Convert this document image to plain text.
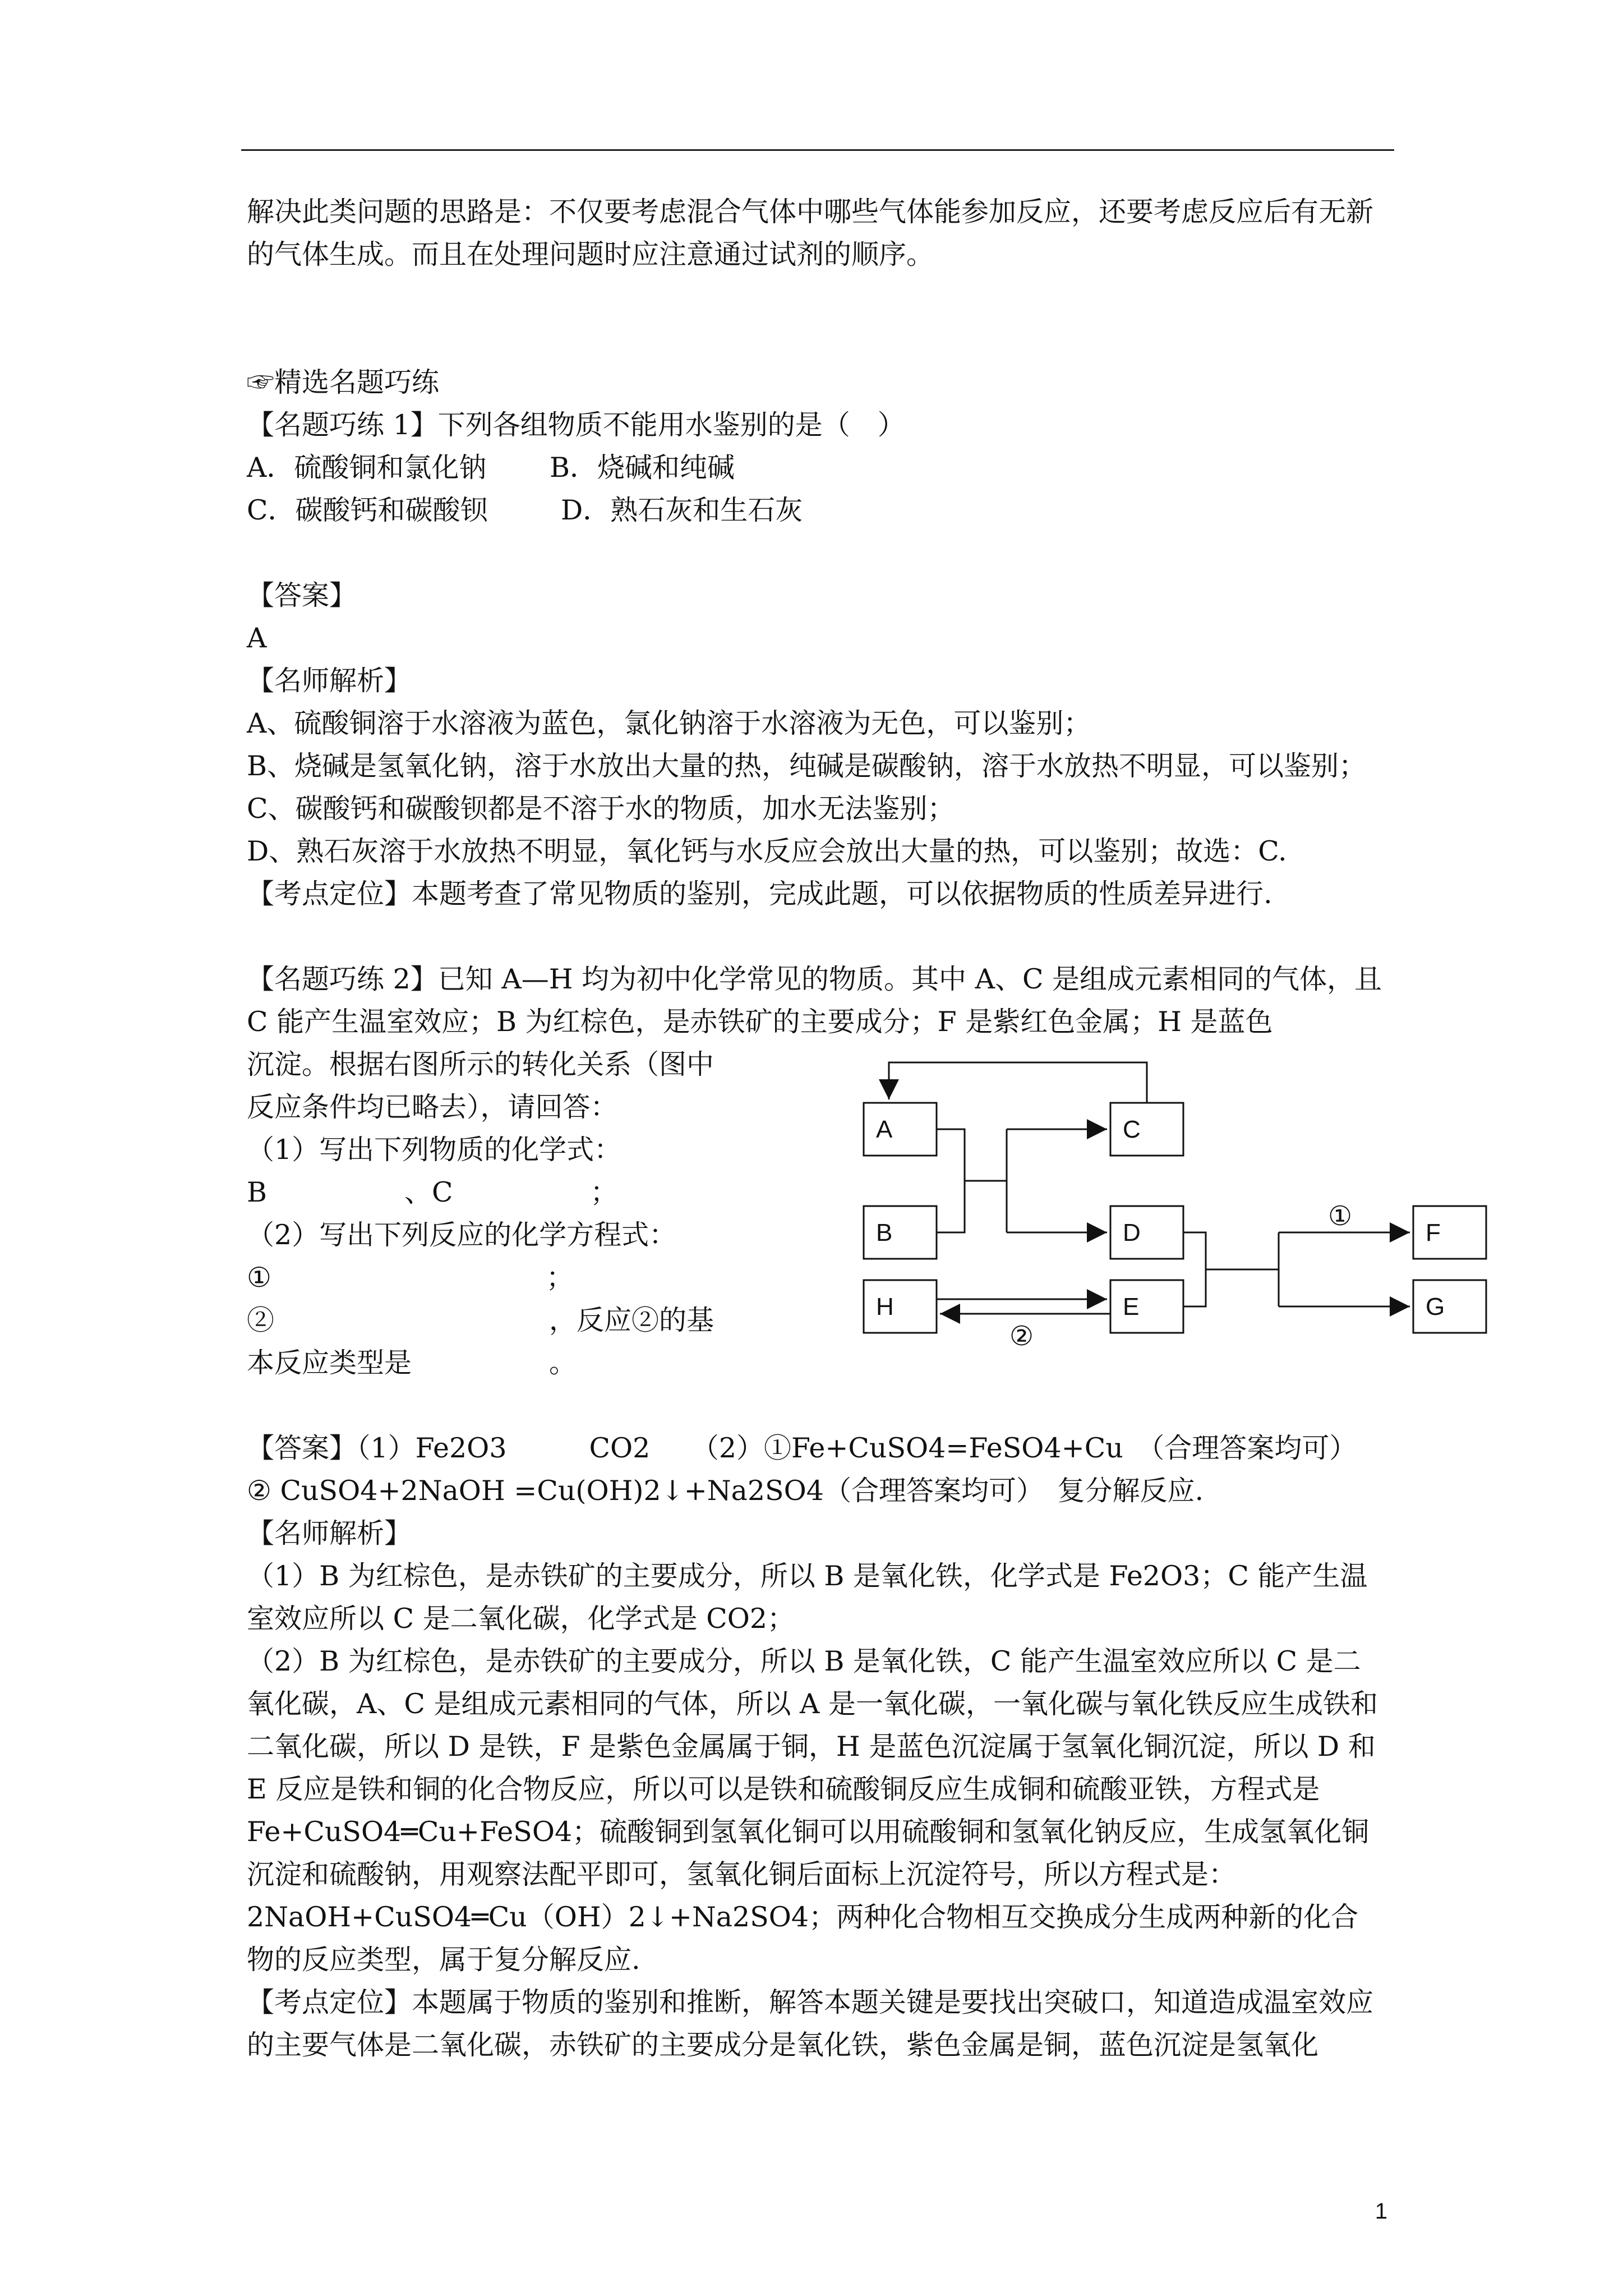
解决此类问题的思路是：不仅要考虑混合气体中哪些气体能参加反应，还要考虑反应后有无新的气体生成。而且在处理问题时应注意通过试剂的顺序。

☞精选名题巧练

【名题巧练 1】下列各组物质不能用水鉴别的是（　）

A．硫酸铜和氯化钠 B．烧碱和纯碱

C．碳酸钙和碳酸钡	D．熟石灰和生石灰

【答案】

A

【名师解析】

A、硫酸铜溶于水溶液为蓝色，氯化钠溶于水溶液为无色，可以鉴别；

B、烧碱是氢氧化钠，溶于水放出大量的热，纯碱是碳酸钠，溶于水放热不明显，可以鉴别；

C、碳酸钙和碳酸钡都是不溶于水的物质，加水无法鉴别；

D、熟石灰溶于水放热不明显，氧化钙与水反应会放出大量的热，可以鉴别；故选：C.

【考点定位】本题考查了常见物质的鉴别，完成此题，可以依据物质的性质差异进行.

【名题巧练 2】已知 A—H 均为初中化学常见的物质。其中 A、C 是组成元素相同的气体，且 C 能产生温室效应；B 为红棕色，是赤铁矿的主要成分；F 是紫红色金属；H 是蓝色

沉淀。根据右图所示的转化关系（图中

反应条件均已略去），请回答：

（1）写出下列物质的化学式：

B　　　　　、C　　　　　；

（2）写出下列反应的化学方程式：

①　　　　　　　　　　；

②　　　　　　　　　　，反应②的基

本反应类型是　　　　　。

A	C
B	D	F
H	E	G
①
②

【答案】（1）Fe2O3　　　CO2　　（2）①Fe+CuSO4=FeSO4+Cu　（合理答案均可）

② CuSO4+2NaOH =Cu(OH)2↓+Na2SO4（合理答案均可）　复分解反应.

【名师解析】

（1）B 为红棕色，是赤铁矿的主要成分，所以 B 是氧化铁，化学式是 Fe2O3；C 能产生温室效应所以 C 是二氧化碳，化学式是 CO2；

（2）B 为红棕色，是赤铁矿的主要成分，所以 B 是氧化铁，C 能产生温室效应所以 C 是二氧化碳，A、C 是组成元素相同的气体，所以 A 是一氧化碳，一氧化碳与氧化铁反应生成铁和二氧化碳，所以 D 是铁，F 是紫色金属属于铜，H 是蓝色沉淀属于氢氧化铜沉淀，所以 D 和 E 反应是铁和铜的化合物反应，所以可以是铁和硫酸铜反应生成铜和硫酸亚铁，方程式是 Fe+CuSO4═Cu+FeSO4；硫酸铜到氢氧化铜可以用硫酸铜和氢氧化钠反应，生成氢氧化铜沉淀和硫酸钠，用观察法配平即可，氢氧化铜后面标上沉淀符号，所以方程式是：2NaOH+CuSO4═Cu（OH）2↓+Na2SO4；两种化合物相互交换成分生成两种新的化合物的反应类型，属于复分解反应.

【考点定位】本题属于物质的鉴别和推断，解答本题关键是要找出突破口，知道造成温室效应的主要气体是二氧化碳，赤铁矿的主要成分是氧化铁，紫色金属是铜，蓝色沉淀是氢氧化

1
